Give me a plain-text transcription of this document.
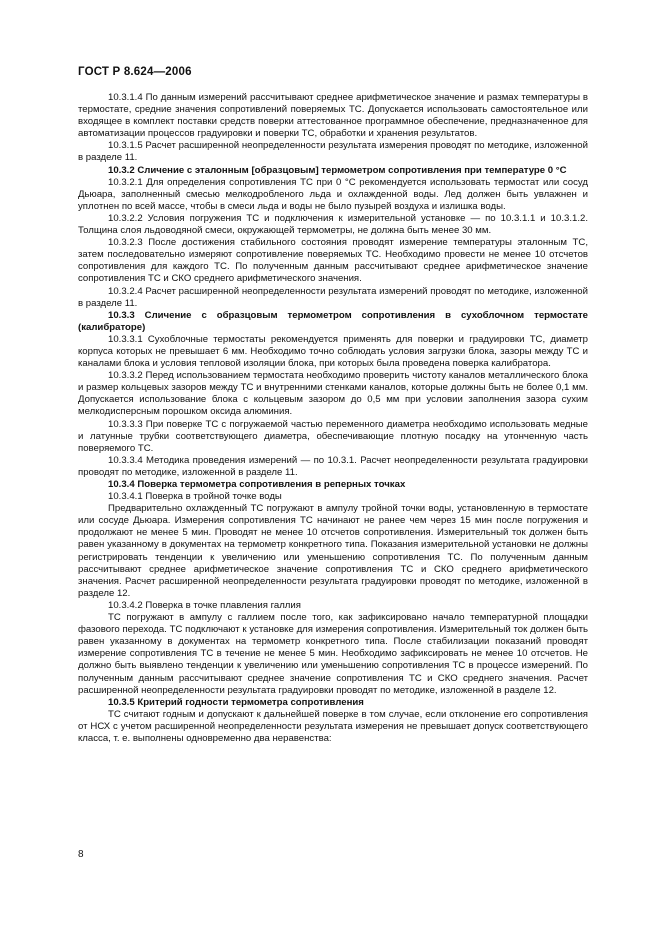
ГОСТ Р 8.624—2006

10.3.1.4 По данным измерений рассчитывают среднее арифметическое значение и размах температуры в термостате, средние значения сопротивлений поверяемых ТС. Допускается использовать самостоятельное или входящее в комплект поставки средств поверки аттестованное программное обеспечение, предназначенное для автоматизации процессов градуировки и поверки ТС, обработки и хранения результатов.

10.3.1.5 Расчет расширенной неопределенности результата измерения проводят по методике, изложенной в разделе 11.

10.3.2 Сличение с эталонным [образцовым] термометром сопротивления при температуре 0 °С

10.3.2.1 Для определения сопротивления ТС при 0 °С рекомендуется использовать термостат или сосуд Дьюара, заполненный смесью мелкодробленого льда и охлажденной воды. Лед должен быть увлажнен и уплотнен по всей массе, чтобы в смеси льда и воды не было пузырей воздуха и излишка воды.

10.3.2.2 Условия погружения ТС и подключения к измерительной установке — по 10.3.1.1 и 10.3.1.2. Толщина слоя льдоводяной смеси, окружающей термометры, не должна быть менее 30 мм.

10.3.2.3 После достижения стабильного состояния проводят измерение температуры эталонным ТС, затем последовательно измеряют сопротивление поверяемых ТС. Необходимо провести не менее 10 отсчетов сопротивления для каждого ТС. По полученным данным рассчитывают среднее арифметическое значение сопротивления ТС и СКО среднего арифметического значения.

10.3.2.4 Расчет расширенной неопределенности результата измерений проводят по методике, изложенной в разделе 11.

10.3.3 Сличение с образцовым термометром сопротивления в сухоблочном термостате (калибраторе)

10.3.3.1 Сухоблочные термостаты рекомендуется применять для поверки и градуировки ТС, диаметр корпуса которых не превышает 6 мм. Необходимо точно соблюдать условия загрузки блока, зазоры между ТС и каналами блока и условия тепловой изоляции блока, при которых была проведена поверка калибратора.

10.3.3.2 Перед использованием термостата необходимо проверить чистоту каналов металлического блока и размер кольцевых зазоров между ТС и внутренними стенками каналов, которые должны быть не более 0,1 мм. Допускается использование блока с кольцевым зазором до 0,5 мм при условии заполнения зазора сухим мелкодисперсным порошком оксида алюминия.

10.3.3.3 При поверке ТС с погружаемой частью переменного диаметра необходимо использовать медные и латунные трубки соответствующего диаметра, обеспечивающие плотную посадку на утонченную часть поверяемого ТС.

10.3.3.4 Методика проведения измерений — по 10.3.1. Расчет неопределенности результата градуировки проводят по методике, изложенной в разделе 11.

10.3.4 Поверка термометра сопротивления в реперных точках

10.3.4.1 Поверка в тройной точке воды

Предварительно охлажденный ТС погружают в ампулу тройной точки воды, установленную в термостате или сосуде Дьюара. Измерения сопротивления ТС начинают не ранее чем через 15 мин после погружения и продолжают не менее 5 мин. Проводят не менее 10 отсчетов сопротивления. Измерительный ток должен быть равен указанному в документах на термометр конкретного типа. Показания измерительной установки не должны регистрировать тенденции к увеличению или уменьшению сопротивления ТС. По полученным данным рассчитывают среднее арифметическое значение сопротивления ТС и СКО среднего арифметического значения. Расчет расширенной неопределенности результата градуировки проводят по методике, изложенной в разделе 12.

10.3.4.2 Поверка в точке плавления галлия

ТС погружают в ампулу с галлием после того, как зафиксировано начало температурной площадки фазового перехода. ТС подключают к установке для измерения сопротивления. Измерительный ток должен быть равен указанному в документах на термометр конкретного типа. После стабилизации показаний проводят измерение сопротивления ТС в течение не менее 5 мин. Необходимо зафиксировать не менее 10 отсчетов. Не должно быть выявлено тенденции к увеличению или уменьшению сопротивления ТС в процессе измерений. По полученным данным рассчитывают среднее значение сопротивления ТС и СКО среднего значения. Расчет расширенной неопределенности результата градуировки проводят по методике, изложенной в разделе 12.

10.3.5 Критерий годности термометра сопротивления

ТС считают годным и допускают к дальнейшей поверке в том случае, если отклонение его сопротивления от НСХ с учетом расширенной неопределенности результата измерения не превышает допуск соответствующего класса, т. е. выполнены одновременно два неравенства:

8
